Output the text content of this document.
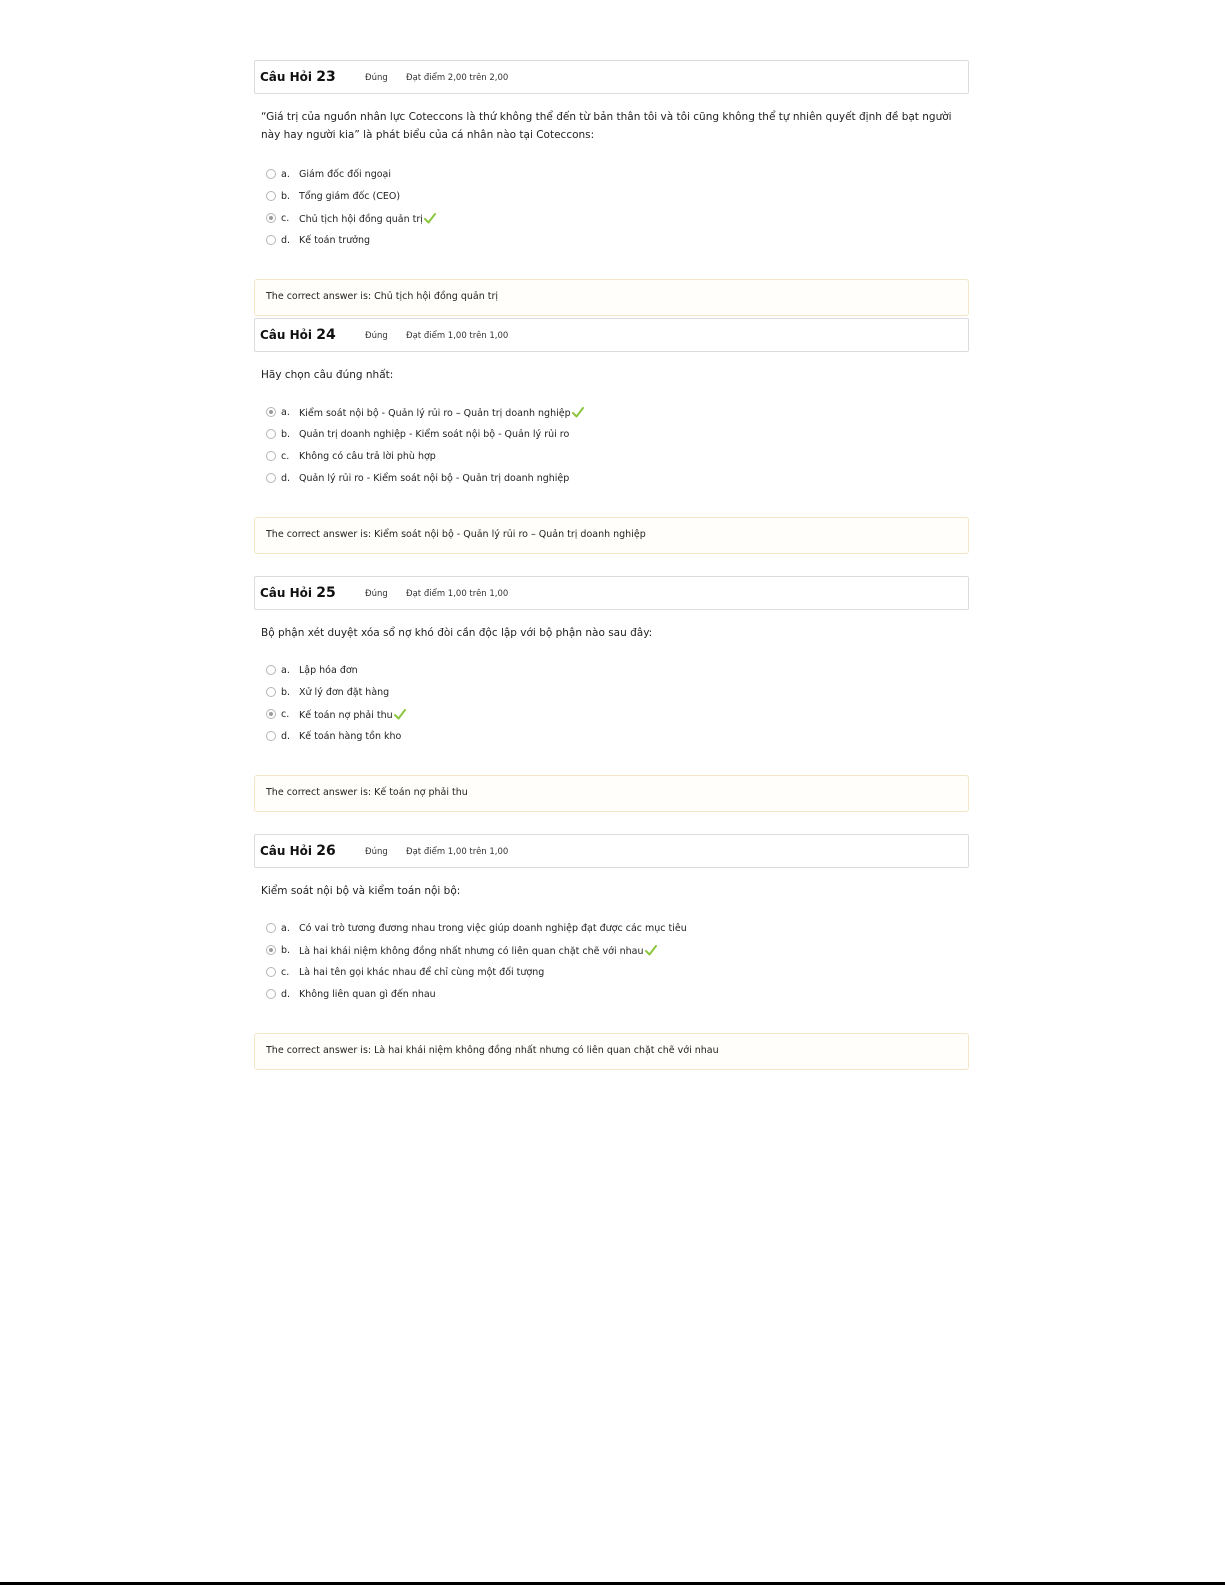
Câu Hỏi 23	Đúng Đạt điểm 2,00 trên 2,00
“Giá trị của nguồn nhân lực Coteccons là thứ không thể đến từ bản thân tôi và tôi cũng không thể tự nhiên quyết định đề bạt người này hay người kia” là phát biểu của cá nhân nào tại Coteccons:
a. Giám đốc đối ngoại
b. Tổng giám đốc (CEO)
c. Chủ tịch hội đồng quản trị
d. Kế toán trưởng
The correct answer is: Chủ tịch hội đồng quản trị
Câu Hỏi 24	Đúng Đạt điểm 1,00 trên 1,00
Hãy chọn câu đúng nhất:
a. Kiểm soát nội bộ - Quản lý rủi ro – Quản trị doanh nghiệp
b. Quản trị doanh nghiệp - Kiểm soát nội bộ - Quản lý rủi ro
c. Không có câu trả lời phù hợp
d. Quản lý rủi ro - Kiểm soát nội bộ - Quản trị doanh nghiệp
The correct answer is: Kiểm soát nội bộ - Quản lý rủi ro – Quản trị doanh nghiệp
Câu Hỏi 25	Đúng Đạt điểm 1,00 trên 1,00
Bộ phận xét duyệt xóa sổ nợ khó đòi cần độc lập với bộ phận nào sau đây:
a. Lập hóa đơn
b. Xử lý đơn đặt hàng
c. Kế toán nợ phải thu
d. Kế toán hàng tồn kho
The correct answer is: Kế toán nợ phải thu
Câu Hỏi 26	Đúng Đạt điểm 1,00 trên 1,00
Kiểm soát nội bộ và kiểm toán nội bộ:
a. Có vai trò tương đương nhau trong việc giúp doanh nghiệp đạt được các mục tiêu
b. Là hai khái niệm không đồng nhất nhưng có liên quan chặt chẽ với nhau
c. Là hai tên gọi khác nhau để chỉ cùng một đối tượng
d. Không liên quan gì đến nhau
The correct answer is: Là hai khái niệm không đồng nhất nhưng có liên quan chặt chẽ với nhau
